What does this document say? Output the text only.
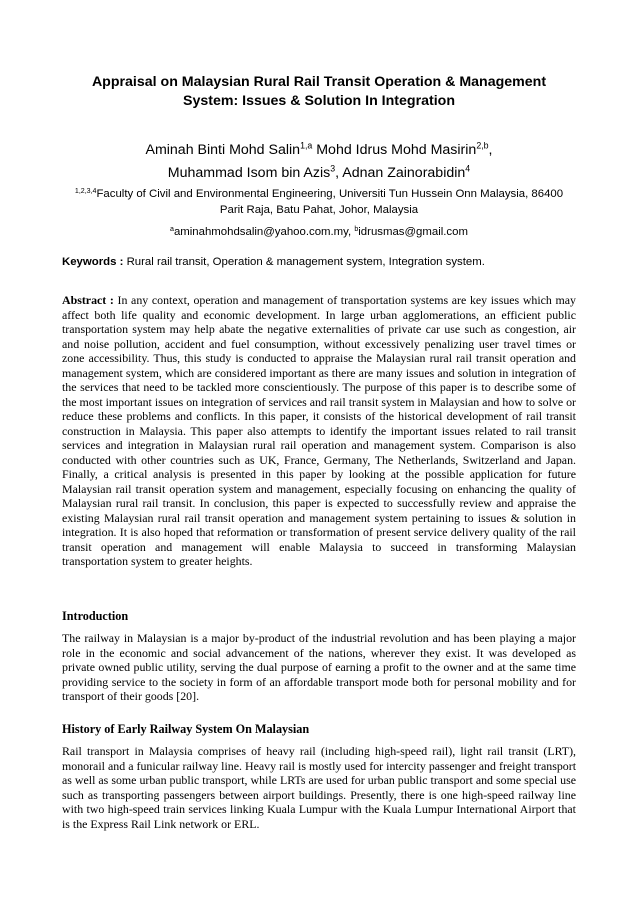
Appraisal on Malaysian Rural Rail Transit Operation & Management
System: Issues & Solution In Integration

Aminah Binti Mohd Salin$^{1,a}$ Mohd Idrus Mohd Masirin$^{2,b}$,
Muhammad Isom bin Azis$^3$, Adnan Zainorabidin$^4$

$^{1,2,3,4}$Faculty of Civil and Environmental Engineering, Universiti Tun Hussein Onn Malaysia, 86400
Parit Raja, Batu Pahat, Johor, Malaysia

$^a$aminahmohdsalin@yahoo.com.my, $^b$idrusmas@gmail.com

Keywords : Rural rail transit, Operation & management system, Integration system.

Abstract : In any context, operation and management of transportation systems are key issues which may affect both life quality and economic development. In large urban agglomerations, an efficient public transportation system may help abate the negative externalities of private car use such as congestion, air and noise pollution, accident and fuel consumption, without excessively penalizing user travel times or zone accessibility. Thus, this study is conducted to appraise the Malaysian rural rail transit operation and management system, which are considered important as there are many issues and solution in integration of the services that need to be tackled more conscientiously. The purpose of this paper is to describe some of the most important issues on integration of services and rail transit system in Malaysian and how to solve or reduce these problems and conflicts. In this paper, it consists of the historical development of rail transit construction in Malaysia. This paper also attempts to identify the important issues related to rail transit services and integration in Malaysian rural rail operation and management system. Comparison is also conducted with other countries such as UK, France, Germany, The Netherlands, Switzerland and Japan. Finally, a critical analysis is presented in this paper by looking at the possible application for future Malaysian rail transit operation system and management, especially focusing on enhancing the quality of Malaysian rural rail transit. In conclusion, this paper is expected to successfully review and appraise the existing Malaysian rural rail transit operation and management system pertaining to issues & solution in integration. It is also hoped that reformation or transformation of present service delivery quality of the rail transit operation and management will enable Malaysia to succeed in transforming Malaysian transportation system to greater heights.

Introduction

The railway in Malaysian is a major by-product of the industrial revolution and has been playing a major role in the economic and social advancement of the nations, wherever they exist. It was developed as private owned public utility, serving the dual purpose of earning a profit to the owner and at the same time providing service to the society in form of an affordable transport mode both for personal mobility and for transport of their goods [20].

History of Early Railway System On Malaysian

Rail transport in Malaysia comprises of heavy rail (including high-speed rail), light rail transit (LRT), monorail and a funicular railway line. Heavy rail is mostly used for intercity passenger and freight transport as well as some urban public transport, while LRTs are used for urban public transport and some special use such as transporting passengers between airport buildings. Presently, there is one high-speed railway line with two high-speed train services linking Kuala Lumpur with the Kuala Lumpur International Airport that is the Express Rail Link network or ERL.
